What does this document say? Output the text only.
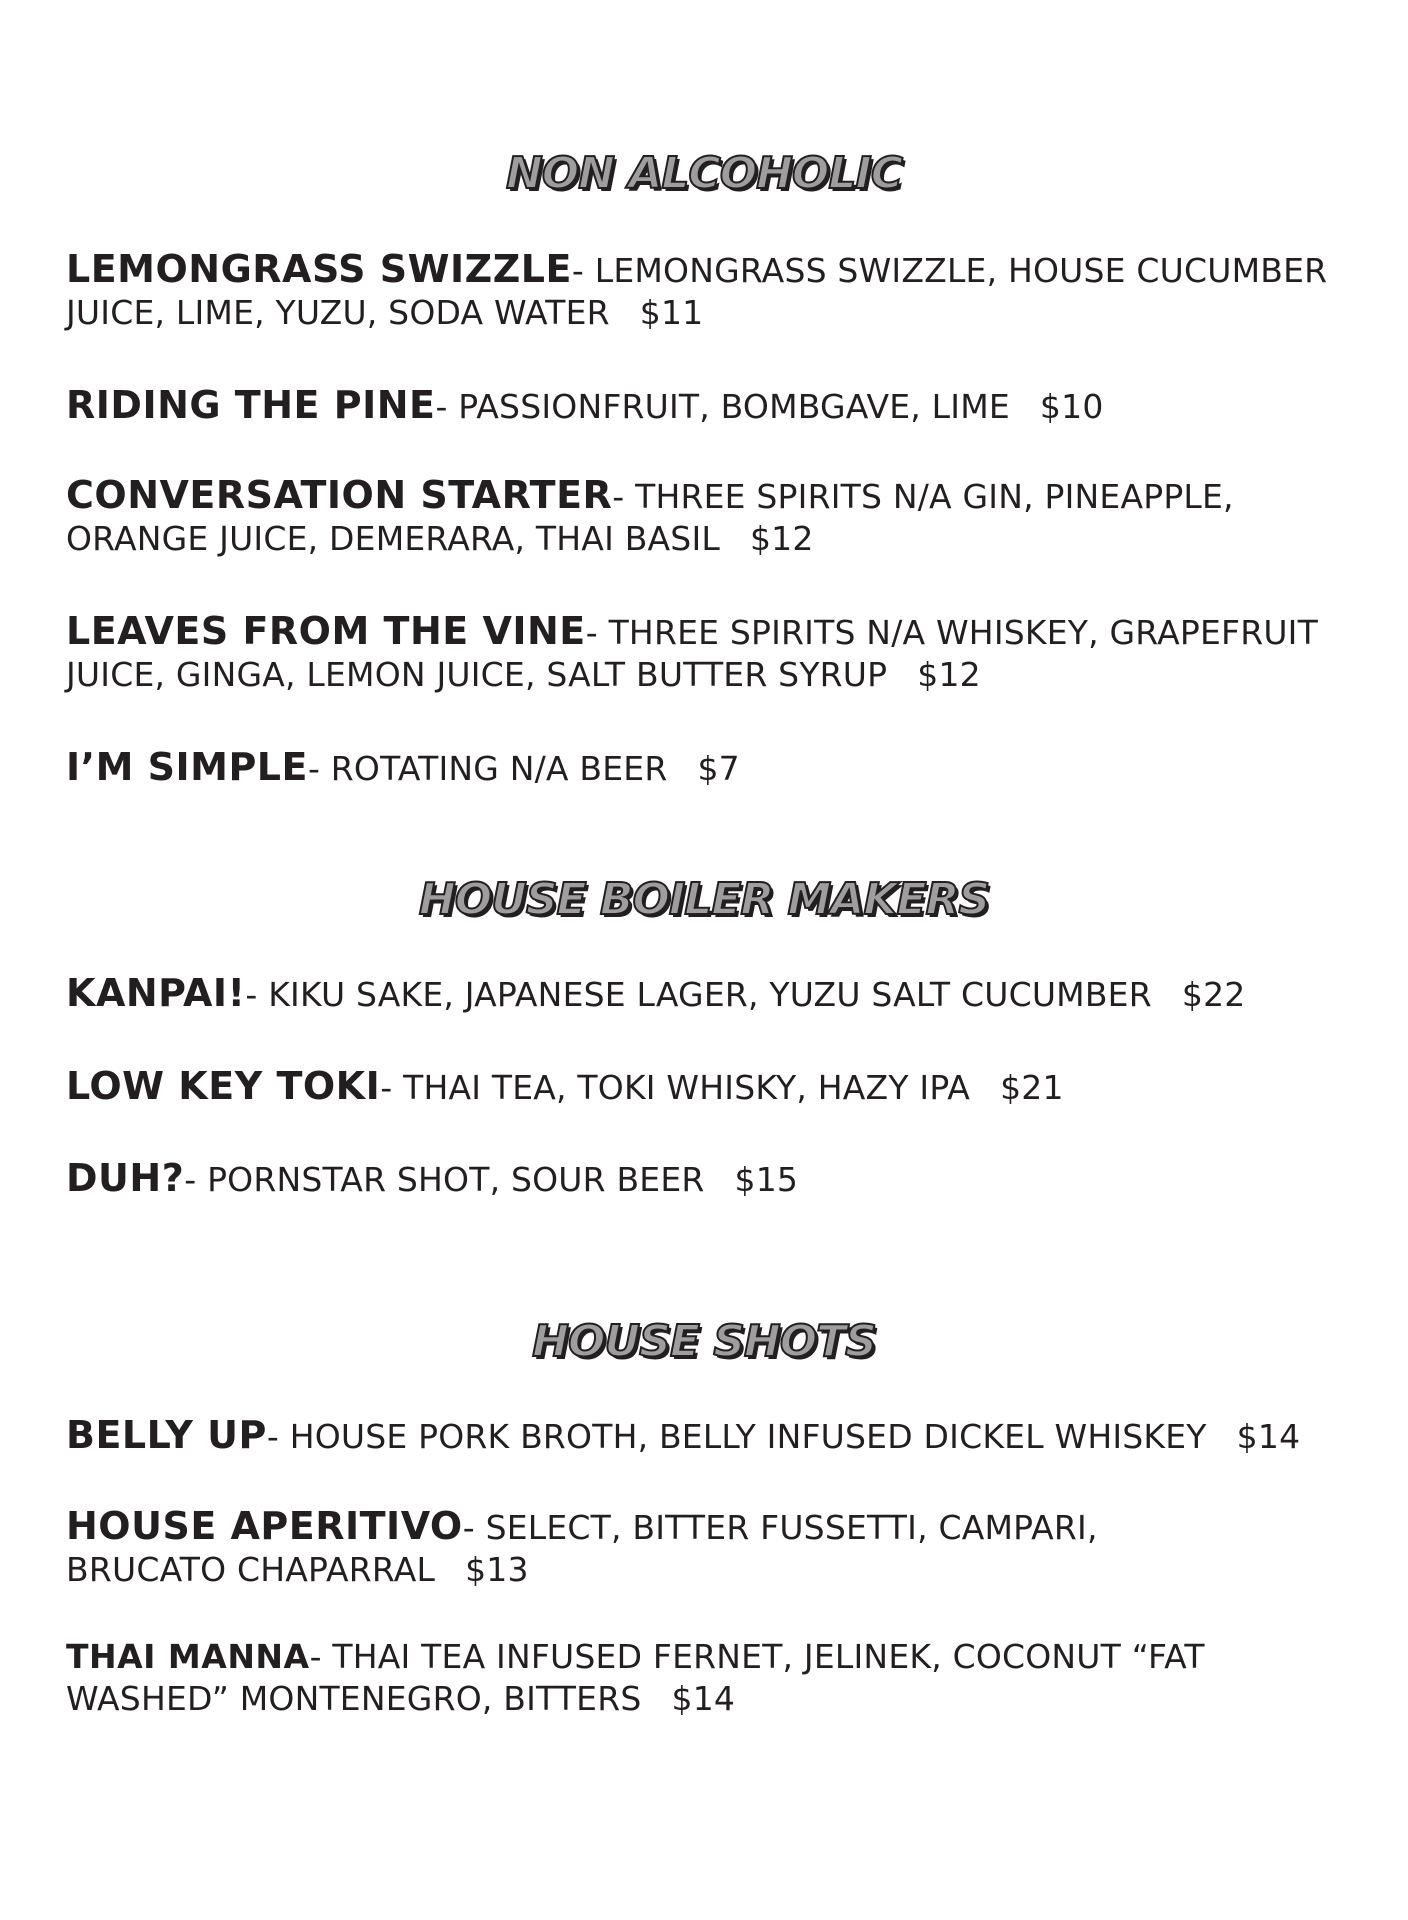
NON ALCOHOLIC
LEMONGRASS SWIZZLE- LEMONGRASS SWIZZLE, HOUSE CUCUMBER
JUICE, LIME, YUZU, SODA WATER $11
RIDING THE PINE- PASSIONFRUIT, BOMBGAVE, LIME $10
CONVERSATION STARTER- THREE SPIRITS N/A GIN, PINEAPPLE,
ORANGE JUICE, DEMERARA, THAI BASIL $12
LEAVES FROM THE VINE- THREE SPIRITS N/A WHISKEY, GRAPEFRUIT
JUICE, GINGA, LEMON JUICE, SALT BUTTER SYRUP $12
I’M SIMPLE- ROTATING N/A BEER $7
HOUSE BOILER MAKERS
KANPAI!- KIKU SAKE, JAPANESE LAGER, YUZU SALT CUCUMBER $22
LOW KEY TOKI- THAI TEA, TOKI WHISKY, HAZY IPA $21
DUH?- PORNSTAR SHOT, SOUR BEER $15
HOUSE SHOTS
BELLY UP- HOUSE PORK BROTH, BELLY INFUSED DICKEL WHISKEY $14
HOUSE APERITIVO- SELECT, BITTER FUSSETTI, CAMPARI,
BRUCATO CHAPARRAL $13
THAI MANNA- THAI TEA INFUSED FERNET, JELINEK, COCONUT “FAT
WASHED” MONTENEGRO, BITTERS $14
